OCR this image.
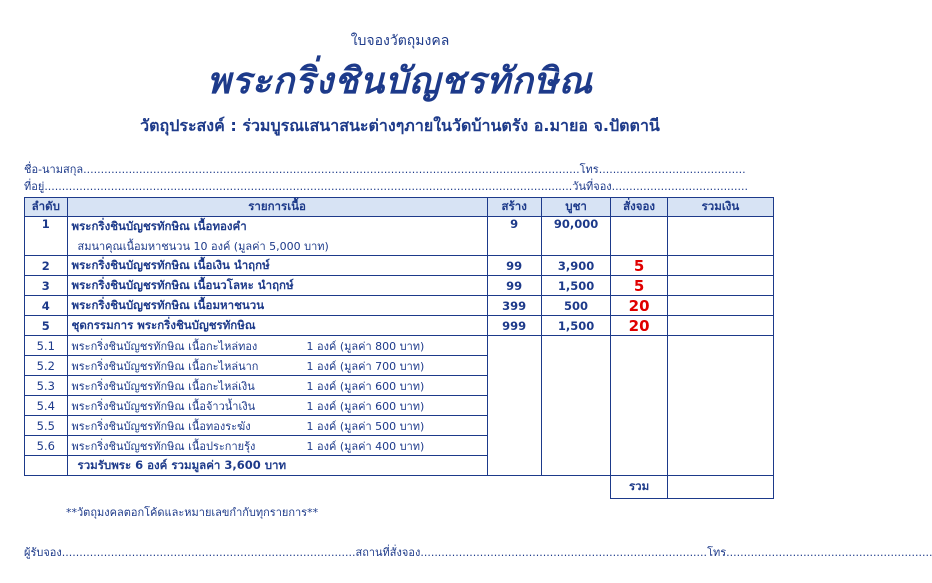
ใบจองวัตถุมงคล
พระกริ่งชินบัญชรทักษิณ
วัตถุประสงค์ : ร่วมบูรณเสนาสนะต่างๆภายในวัดบ้านตรัง อ.มายอ จ.ปัตตานี
ชื่อ-นามสกุล..............................................................................................................................................โทร..........................................
ที่อยู่.......................................................................................................................................................วันที่จอง.......................................
ลำดับ	รายการเนื้อ	สร้าง	บูชา	สั่งจอง	รวมเงิน
1	พระกริ่งชินบัญชรทักษิณ เนื้อทองคำ	9	90,000		
	สมนาคุณเนื้อมหาชนวน 10 องค์ (มูลค่า 5,000 บาท)				
2	พระกริ่งชินบัญชรทักษิณ เนื้อเงิน นำฤกษ์	99	3,900	5	
3	พระกริ่งชินบัญชรทักษิณ เนื้อนวโลหะ นำฤกษ์	99	1,500	5	
4	พระกริ่งชินบัญชรทักษิณ เนื้อมหาชนวน	399	500	20	
5	ชุดกรรมการ พระกริ่งชินบัญชรทักษิณ	999	1,500	20	
5.1	พระกริ่งชินบัญชรทักษิณ เนื้อกะไหล่ทอง 1 องค์ (มูลค่า 800 บาท)				
5.2	พระกริ่งชินบัญชรทักษิณ เนื้อกะไหล่นาก 1 องค์ (มูลค่า 700 บาท)				
5.3	พระกริ่งชินบัญชรทักษิณ เนื้อกะไหล่เงิน 1 องค์ (มูลค่า 600 บาท)				
5.4	พระกริ่งชินบัญชรทักษิณ เนื้อจ้าวน้ำเงิน 1 องค์ (มูลค่า 600 บาท)				
5.5	พระกริ่งชินบัญชรทักษิณ เนื้อทองระฆัง 1 องค์ (มูลค่า 500 บาท)				
5.6	พระกริ่งชินบัญชรทักษิณ เนื้อประกายรุ้ง 1 องค์ (มูลค่า 400 บาท)				
	รวมรับพระ 6 องค์ รวมมูลค่า 3,600 บาท				
				รวม	
**วัตถุมงคลตอกโค้ดและหมายเลขกำกับทุกรายการ**
ผู้รับจอง....................................................................................สถานที่สั่งจอง..................................................................................โทร...........................................................
